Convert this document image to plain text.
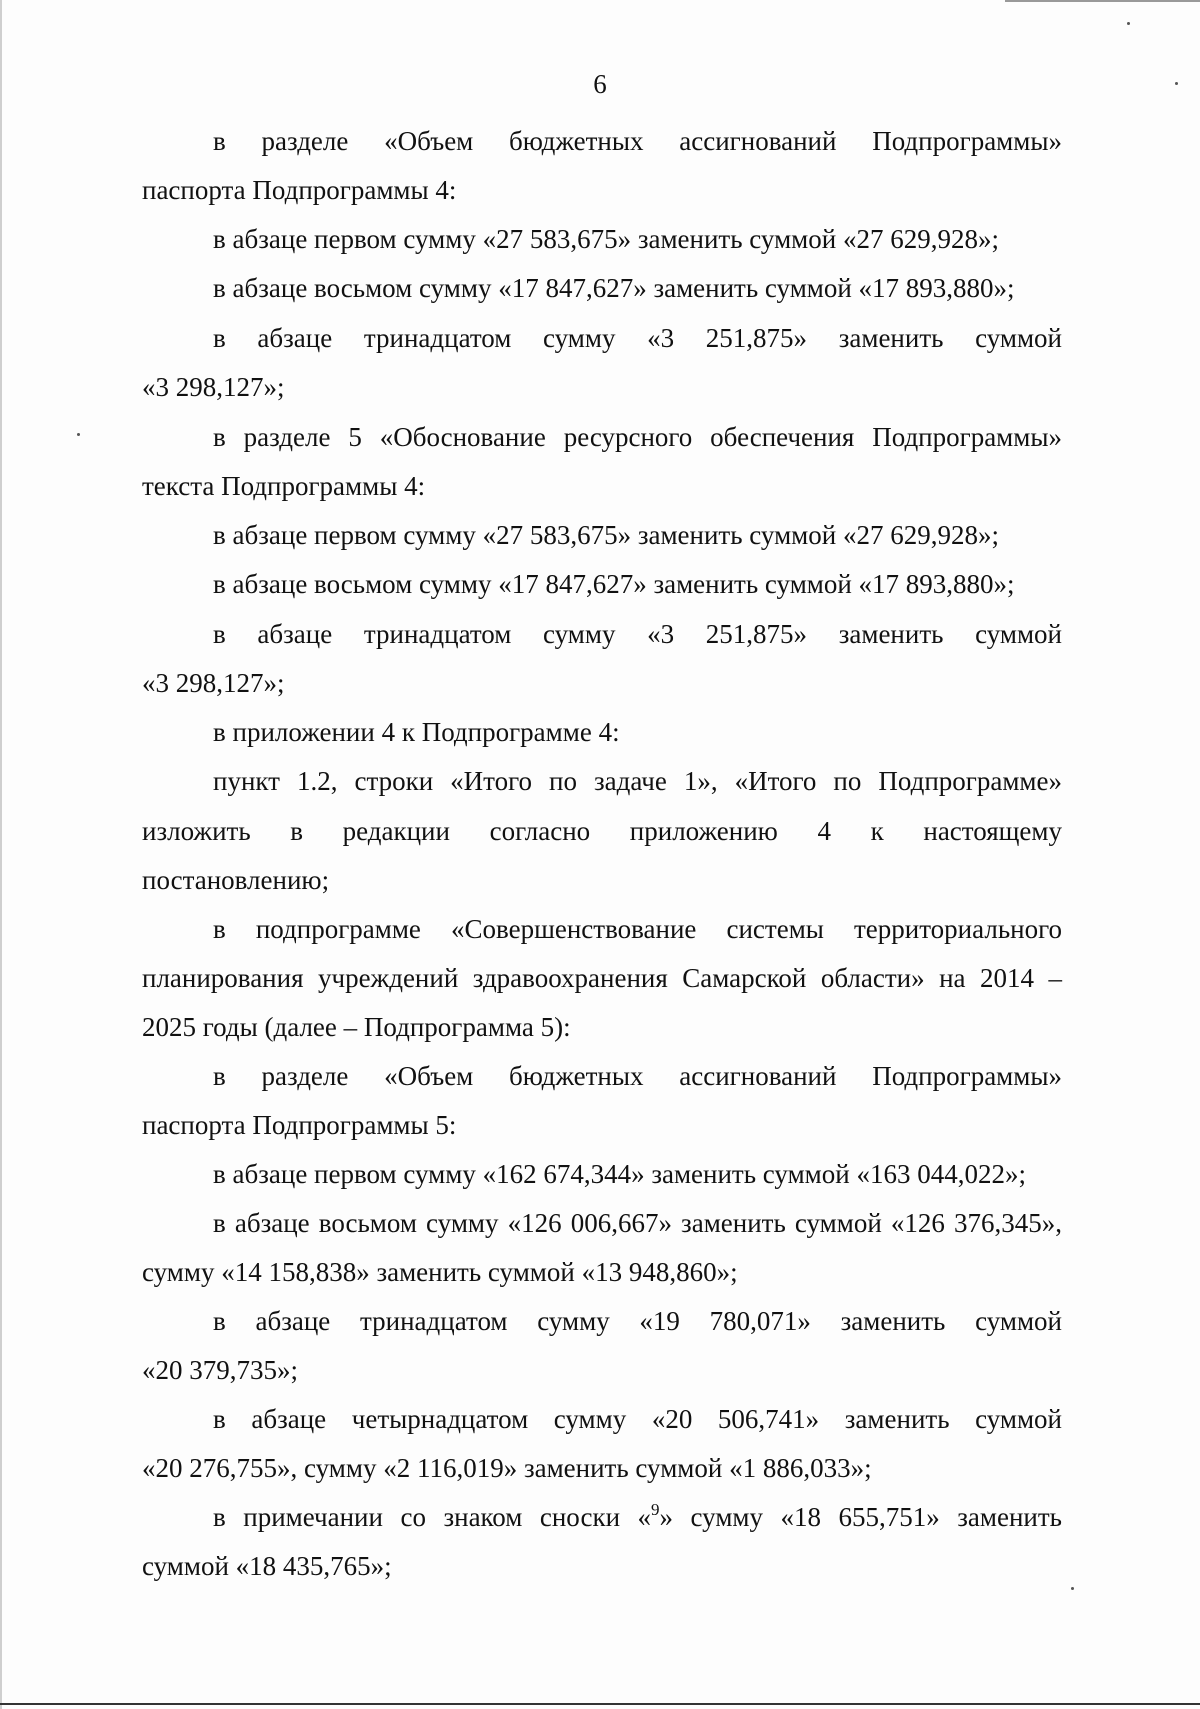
6
в разделе «Объем бюджетных ассигнований Подпрограммы»
паспорта Подпрограммы 4:
в абзаце первом сумму «27 583,675» заменить суммой «27 629,928»;
в абзаце восьмом сумму «17 847,627» заменить суммой «17 893,880»;
в абзаце тринадцатом сумму «3 251,875» заменить суммой
«3 298,127»;
в разделе 5 «Обоснование ресурсного обеспечения Подпрограммы»
текста Подпрограммы 4:
в абзаце первом сумму «27 583,675» заменить суммой «27 629,928»;
в абзаце восьмом сумму «17 847,627» заменить суммой «17 893,880»;
в абзаце тринадцатом сумму «3 251,875» заменить суммой
«3 298,127»;
в приложении 4 к Подпрограмме 4:
пункт 1.2, строки «Итого по задаче 1», «Итого по Подпрограмме»
изложить в редакции согласно приложению 4 к настоящему
постановлению;
в подпрограмме «Совершенствование системы территориального
планирования учреждений здравоохранения Самарской области» на 2014 –
2025 годы (далее – Подпрограмма 5):
в разделе «Объем бюджетных ассигнований Подпрограммы»
паспорта Подпрограммы 5:
в абзаце первом сумму «162 674,344» заменить суммой «163 044,022»;
в абзаце восьмом сумму «126 006,667» заменить суммой «126 376,345»,
сумму «14 158,838» заменить суммой «13 948,860»;
в абзаце тринадцатом сумму «19 780,071» заменить суммой
«20 379,735»;
в абзаце четырнадцатом сумму «20 506,741» заменить суммой
«20 276,755», сумму «2 116,019» заменить суммой «1 886,033»;
в примечании со знаком сноски «$^9$» сумму «18 655,751» заменить
суммой «18 435,765»;
